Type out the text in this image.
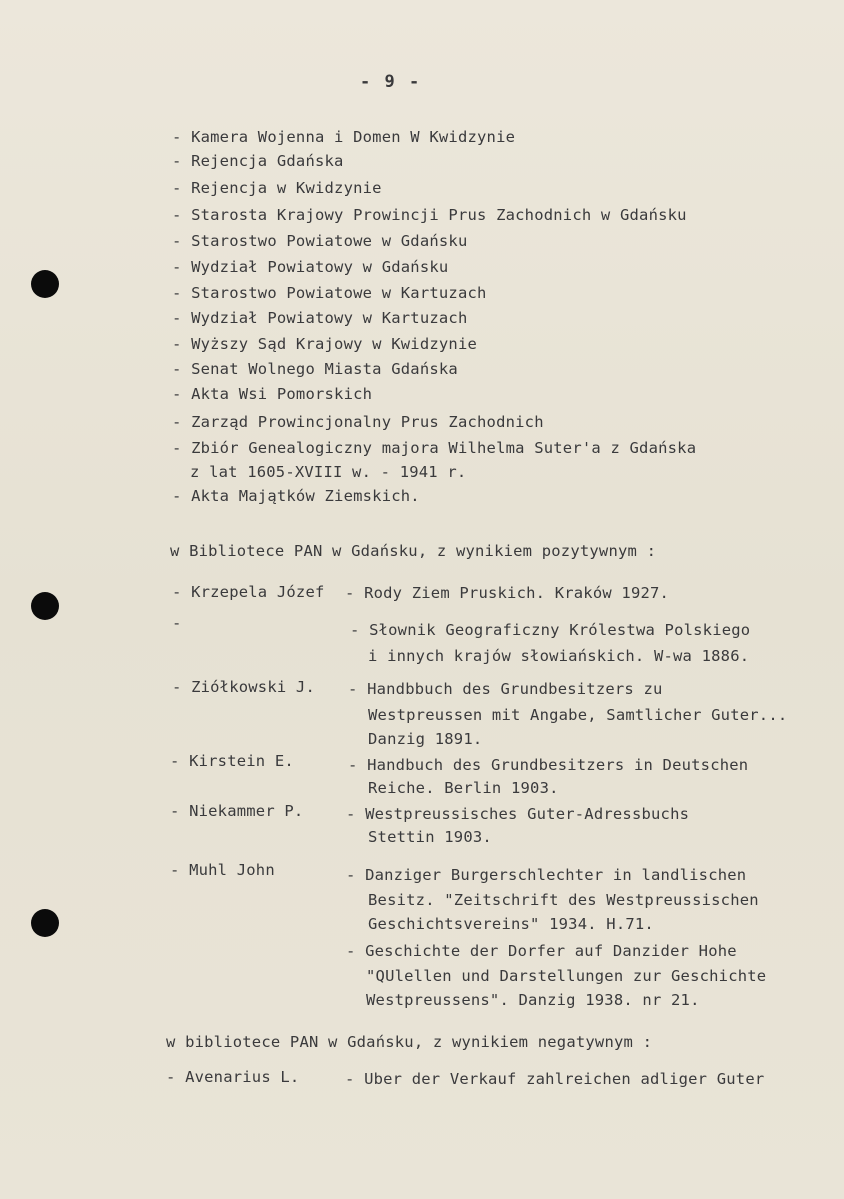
- 9 -
- Kamera Wojenna i Domen W Kwidzynie
- Rejencja Gdańska
- Rejencja w Kwidzynie
- Starosta Krajowy Prowincji Prus Zachodnich w Gdańsku
- Starostwo Powiatowe w Gdańsku
- Wydział Powiatowy w Gdańsku
- Starostwo Powiatowe w Kartuzach
- Wydział Powiatowy w Kartuzach
- Wyższy Sąd Krajowy w Kwidzynie
- Senat Wolnego Miasta Gdańska
- Akta Wsi Pomorskich
- Zarząd Prowincjonalny Prus Zachodnich
- Zbiór Genealogiczny majora Wilhelma Suter'a z Gdańska
z lat 1605-XVIII w. - 1941 r.
- Akta Majątków Ziemskich.
w Bibliotece PAN w Gdańsku, z wynikiem pozytywnym :
- Krzepela Józef - Rody Ziem Pruskich. Kraków 1927.
-	- Słownik Geograficzny Królestwa Polskiego
i innych krajów słowiańskich. W-wa 1886.
- Ziółkowski J. - Handbbuch des Grundbesitzers zu
Westpreussen mit Angabe, Samtlicher Guter...
Danzig 1891.
- Kirstein E.	- Handbuch des Grundbesitzers in Deutschen
Reiche. Berlin 1903.
- Niekammer P.	- Westpreussisches Guter-Adressbuchs
Stettin 1903.
- Muhl John	- Danziger Burgerschlechter in landlischen
Besitz. "Zeitschrift des Westpreussischen
Geschichtsvereins" 1934. H.71.
- Geschichte der Dorfer auf Danzider Hohe
"QUlellen und Darstellungen zur Geschichte
Westpreussens". Danzig 1938. nr 21.
w bibliotece PAN w Gdańsku, z wynikiem negatywnym :
- Avenarius L.	- Uber der Verkauf zahlreichen adliger Guter
